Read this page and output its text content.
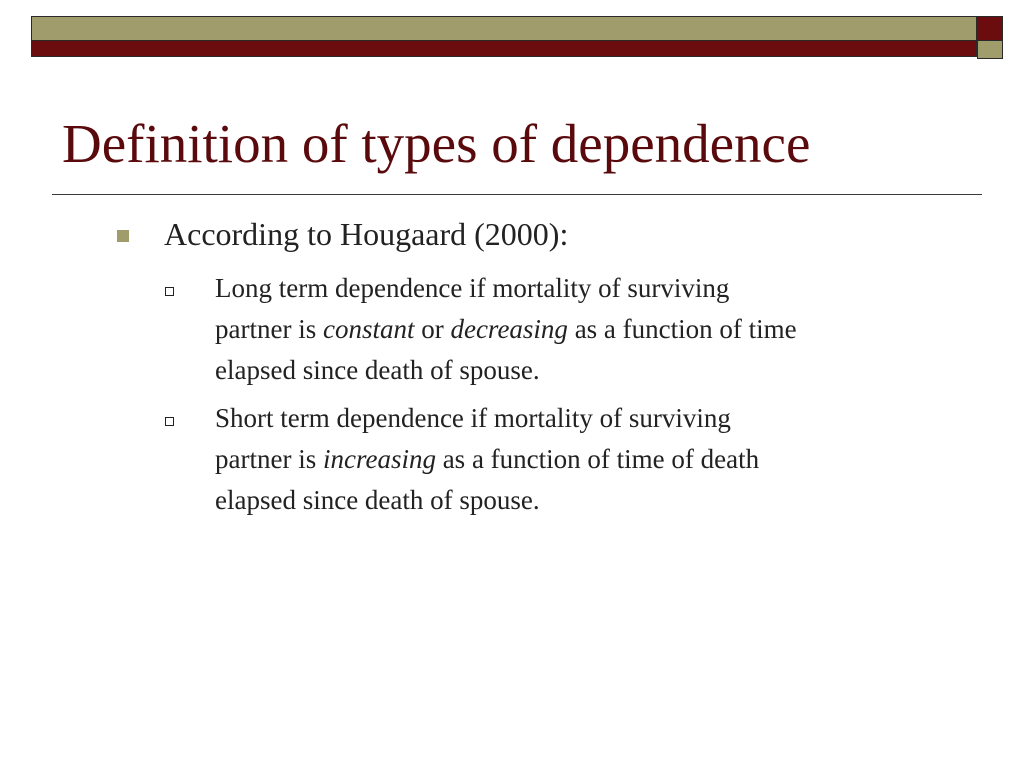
Definition of types of dependence
According to Hougaard (2000):
Long term dependence if mortality of surviving
partner is constant or decreasing as a function of time
elapsed since death of spouse.
Short term dependence if mortality of surviving
partner is increasing as a function of time of death
elapsed since death of spouse.
